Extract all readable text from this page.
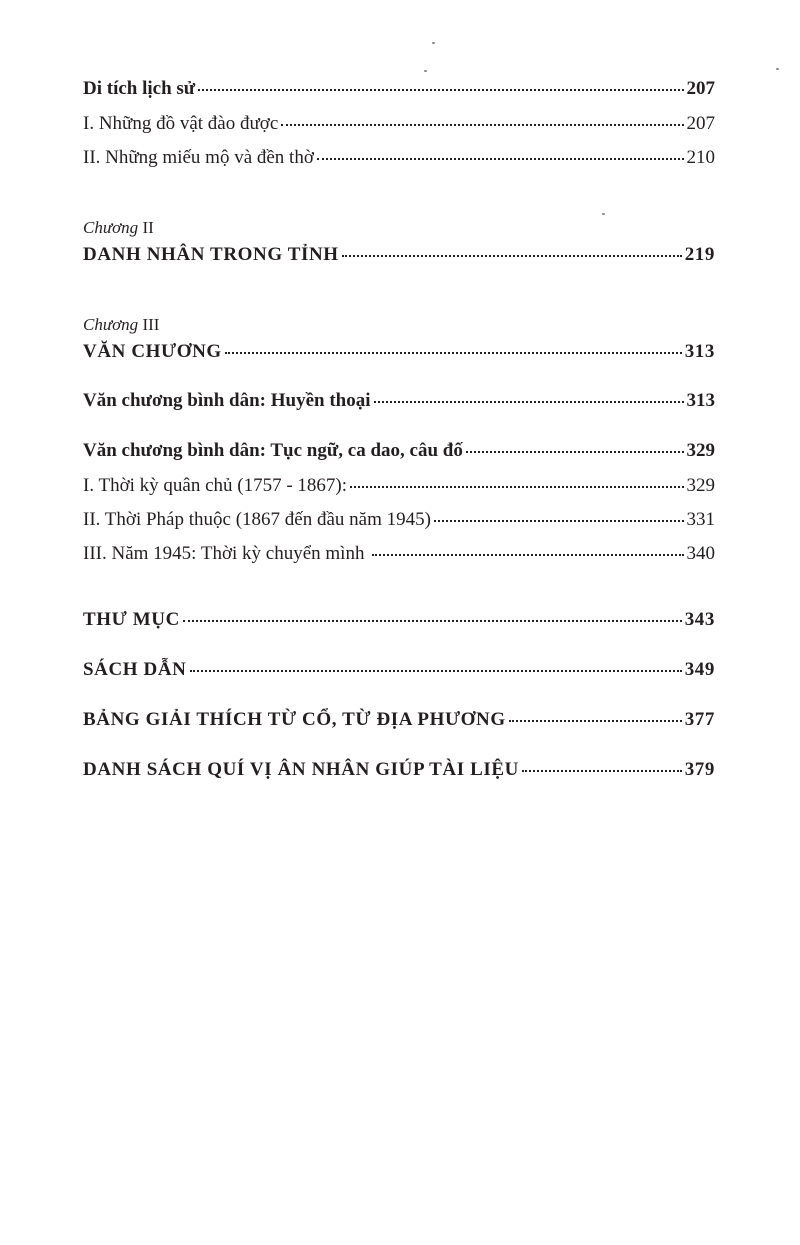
Di tích lịch sử	207
I. Những đồ vật đào được	207
II. Những miếu mộ và đền thờ	210
Chương II
DANH NHÂN TRONG TỈNH	219
Chương III
VĂN CHƯƠNG	313
Văn chương bình dân: Huyền thoại	313
Văn chương bình dân: Tục ngữ, ca dao, câu đố	329
I. Thời kỳ quân chủ (1757 - 1867):	329
II. Thời Pháp thuộc (1867 đến đầu năm 1945)	331
III. Năm 1945: Thời kỳ chuyển mình	340
THƯ MỤC	343
SÁCH DẪN	349
BẢNG GIẢI THÍCH TỪ CỔ, TỪ ĐỊA PHƯƠNG	377
DANH SÁCH QUÍ VỊ ÂN NHÂN GIÚP TÀI LIỆU	379
